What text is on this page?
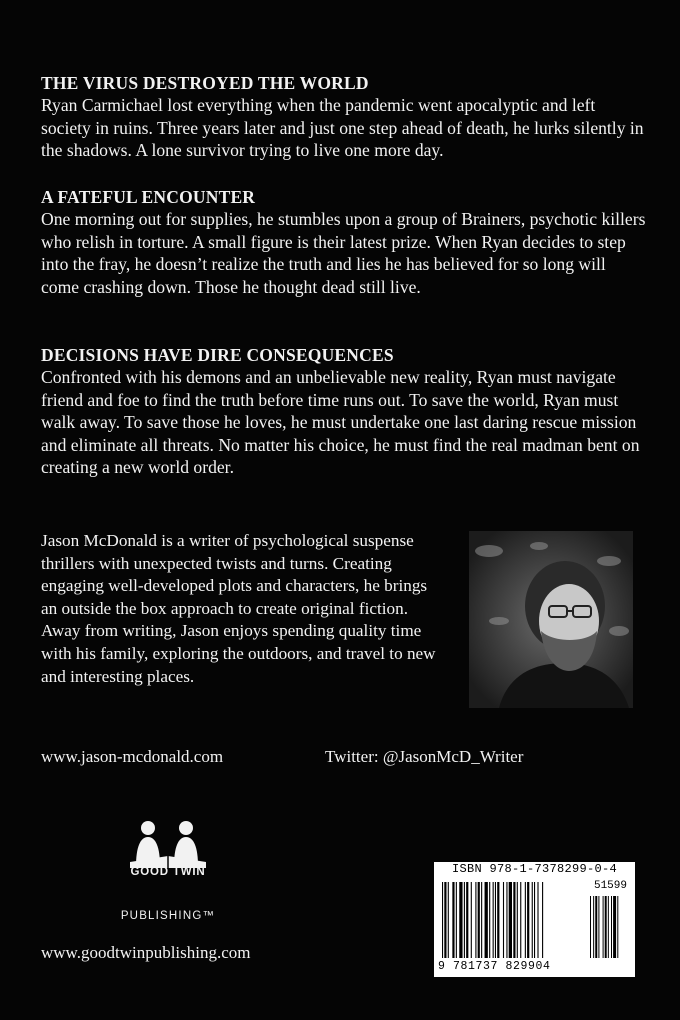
THE VIRUS DESTROYED THE WORLD

Ryan Carmichael lost everything when the pandemic went apocalyptic and left society in ruins. Three years later and just one step ahead of death, he lurks silently in the shadows. A lone survivor trying to live one more day.

A FATEFUL ENCOUNTER

One morning out for supplies, he stumbles upon a group of Brainers, psychotic killers who relish in torture. A small figure is their latest prize. When Ryan decides to step into the fray, he doesn’t realize the truth and lies he has believed for so long will come crashing down. Those he thought dead still live.

DECISIONS HAVE DIRE CONSEQUENCES

Confronted with his demons and an unbelievable new reality, Ryan must navigate friend and foe to find the truth before time runs out. To save the world, Ryan must walk away. To save those he loves, he must undertake one last daring rescue mission and eliminate all threats. No matter his choice, he must find the real madman bent on creating a new world order.

Jason McDonald is a writer of psychological suspense thrillers with unexpected twists and turns. Creating engaging well-developed plots and characters, he brings an outside the box approach to create original fiction. Away from writing, Jason enjoys spending quality time with his family, exploring the outdoors, and travel to new and interesting places.

www.jason-mcdonald.com	Twitter: @JasonMcD_Writer
GOOD TWIN
PUBLISHING™
www.goodtwinpublishing.com
ISBN 978-1-7378299-0-4
51599
9 781737 829904
